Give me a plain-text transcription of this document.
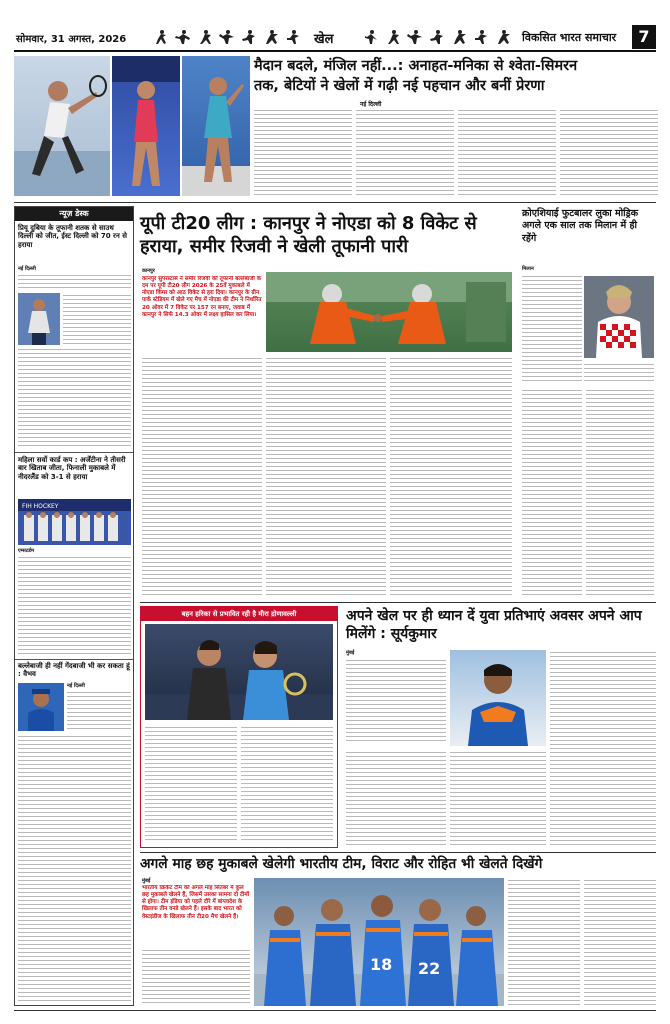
सोमवार, 31 अगस्त, 2026	खेल	विकसित भारत समाचार	7
मैदान बदले, मंजिल नहीं...: अनाहत-मनिका से श्वेता-सिमरन
तक, बेटियों ने खेलों में गढ़ी नई पहचान और बनीं प्रेरणा
नई दिल्ली
न्यूज़ डेस्क
प्रियू दुबिया के तूफानी शतक से साउथ दिल्ली को जीत, ईस्ट दिल्ली को 70 रन से हराया
नई दिल्ली
महिला सर्वो कार्ड कप : अर्जेंटीना ने तीसरी बार खिताब जीता, फिनाली मुकाबले में नीदरलैंड को 3-1 से हराया
FIH HOCKEY
एम्सटर्डम
बल्लेबाजी ही नहीं गेंदबाजी भी कर सकता हूं : वैभव
नई दिल्ली
यूपी टी20 लीग : कानपुर ने नोएडा को 8 विकेट से हराया, समीर रिजवी ने खेली तूफानी पारी
कानपुर
कानपुर सुपरस्टार्स ने समीर रिजवी की तूफानी बल्लेबाजी के दम पर यूपी टी20 लीग 2026 के 25वें मुकाबले में नोएडा किंग्स को आठ विकेट से हरा दिया। कानपुर के ग्रीन पार्क स्टेडियम में खेले गए मैच में नोएडा की टीम ने निर्धारित 20 ओवर में 7 विकेट पर 157 रन बनाए, जवाब में कानपुर ने सिर्फ 14.3 ओवर में लक्ष्य हासिल कर लिया।
क्रोएशियाई फुटबालर लुका मोड्रिक अगले एक साल तक मिलान में ही रहेंगे
मिलान
बहन हरिका से प्रभावित रही है मीरा द्रोणावल्ली	अपने खेल पर ही ध्यान दें युवा प्रतिभाएं अवसर अपने आप मिलेंगे : सूर्यकुमार
मुंबई
अगले माह छह मुकाबले खेलेगी भारतीय टीम, विराट और रोहित भी खेलते दिखेंगे
मुंबई
भारतीय क्रिकेट टीम को अगले माह सितंबर में कुल छह मुकाबले खेलने हैं, जिसमें उसका सामना दो टीमों से होगा। टीम इंडिया को पहले दौरे में बांग्लादेश के खिलाफ तीन वनडे खेलने हैं। इसके बाद भारत को वेस्टइंडीज के खिलाफ तीन टी20 मैच खेलने हैं।
18 22
